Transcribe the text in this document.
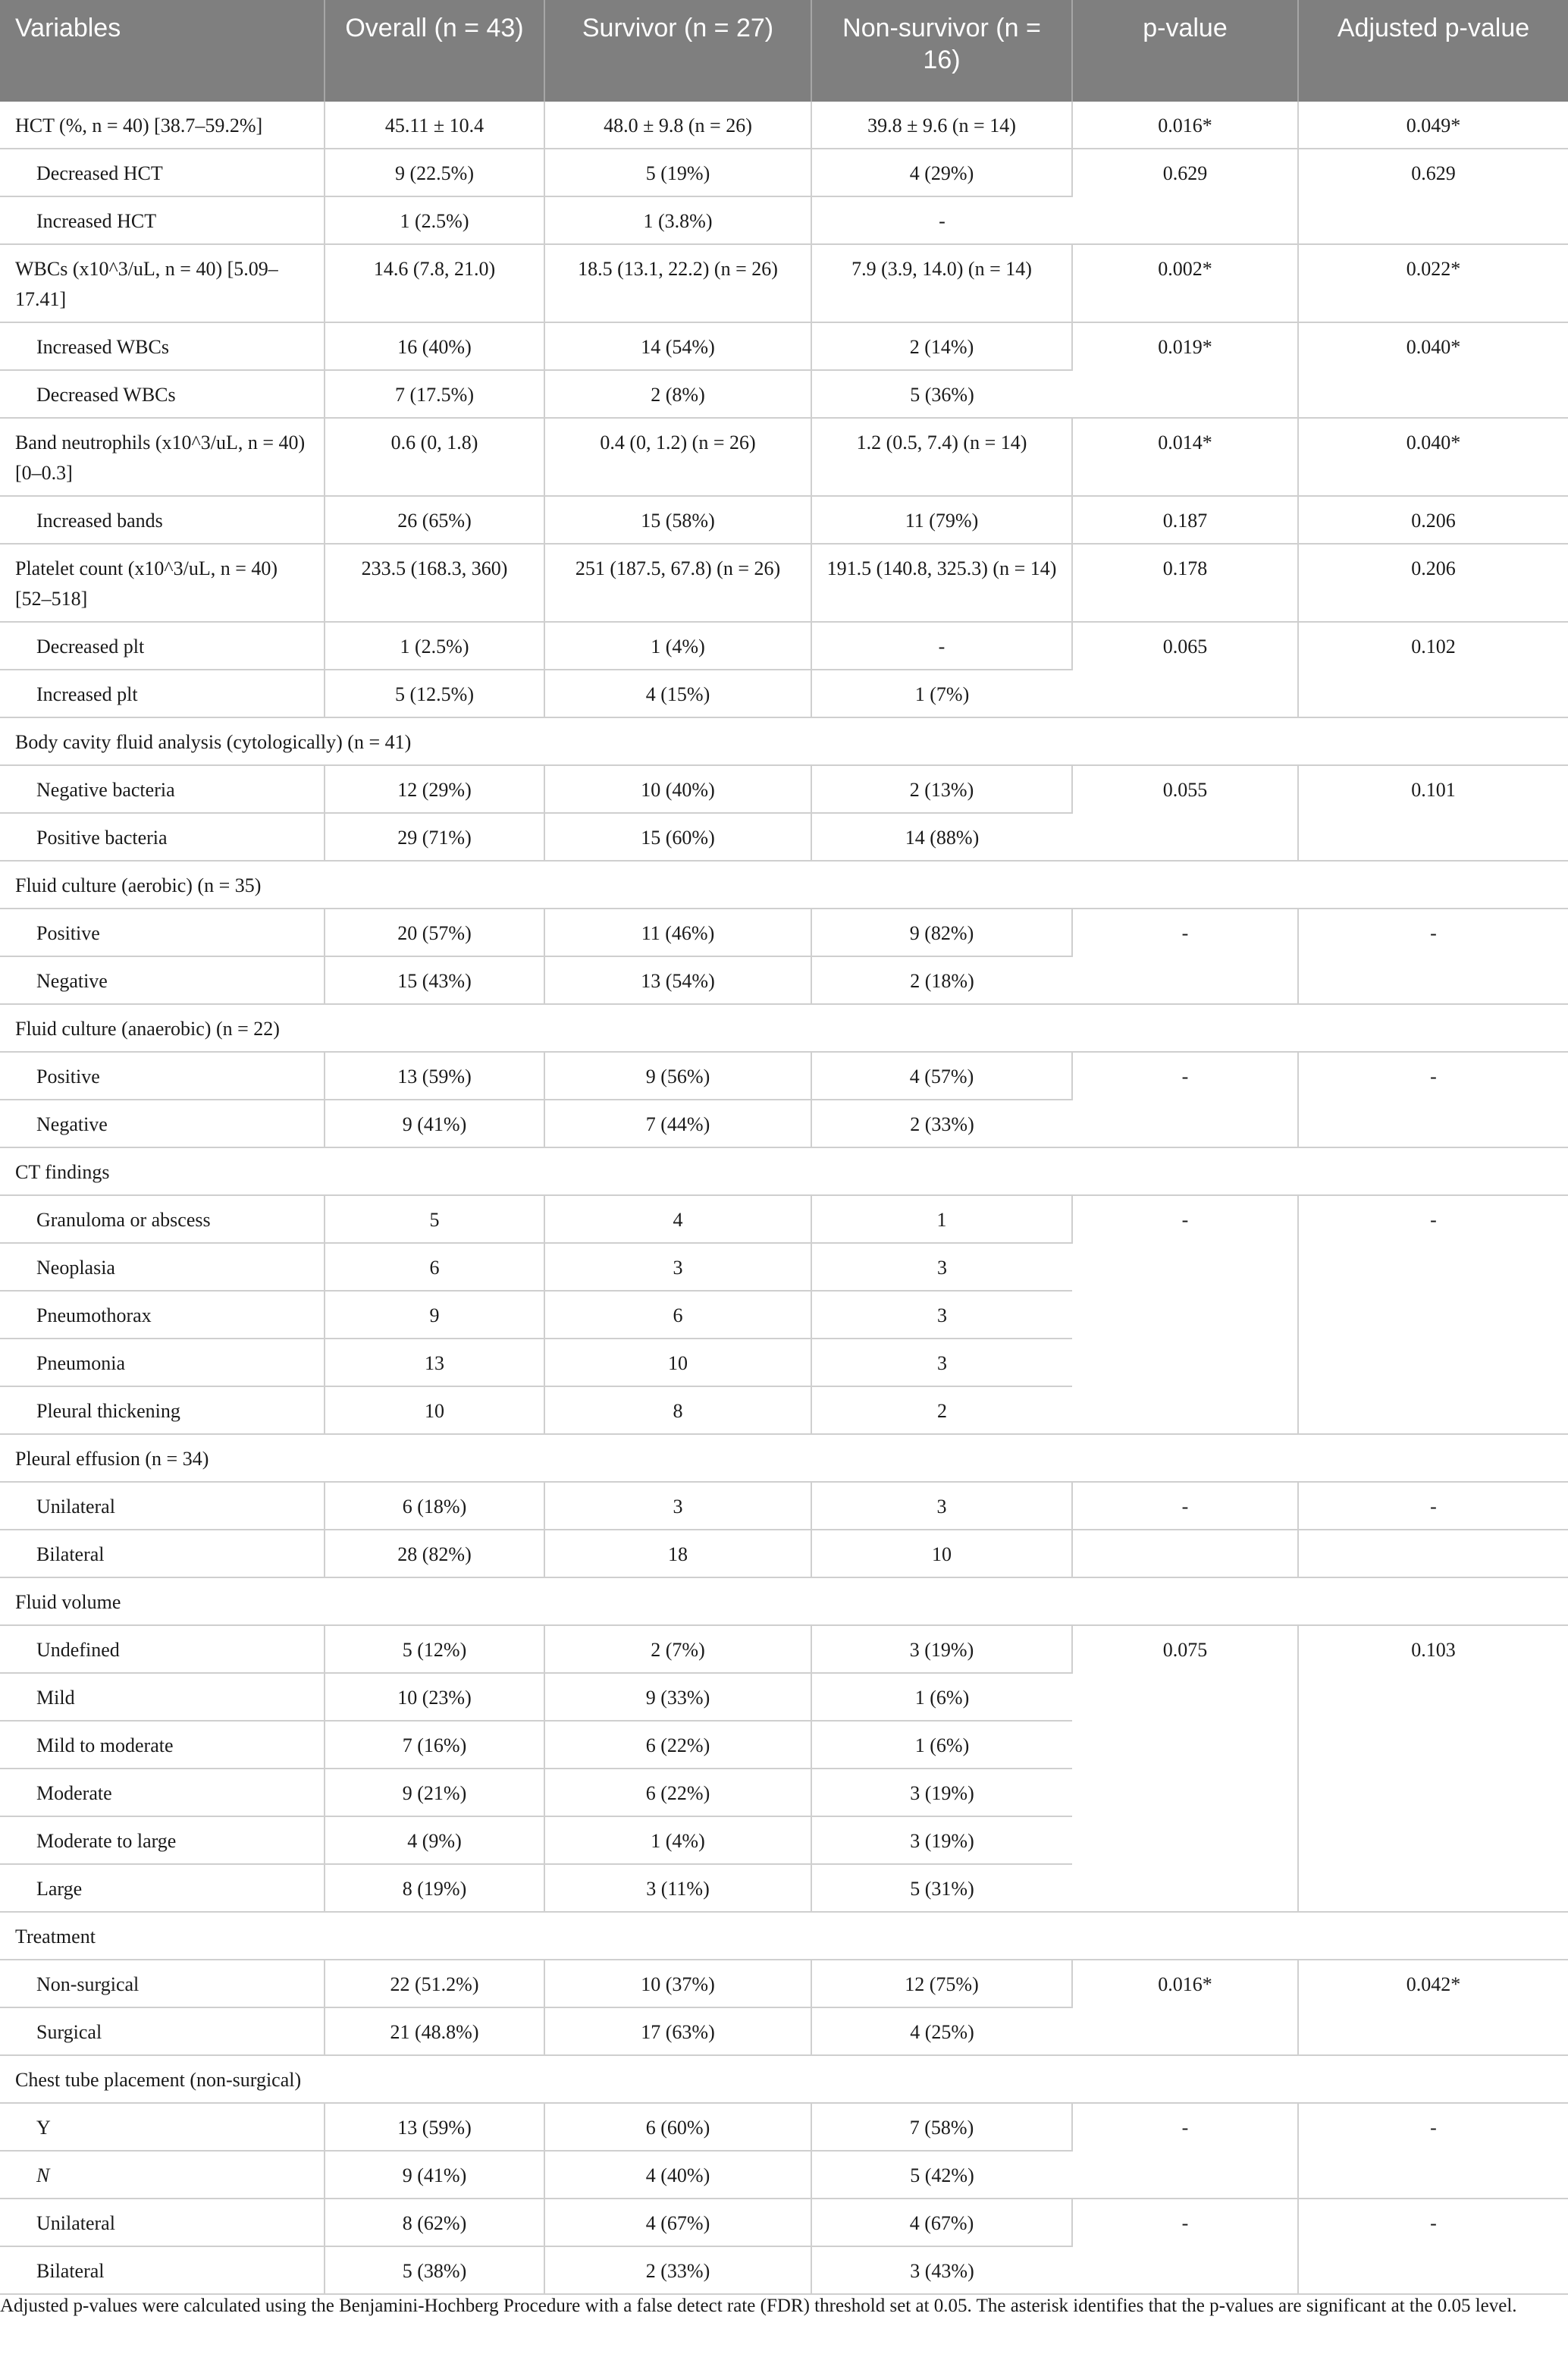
Variables	Overall (n = 43)	Survivor (n = 27)	Non-survivor (n = 16)	p-value	Adjusted p-value
HCT (%, n = 40) [38.7–59.2%]	45.11 ± 10.4	48.0 ± 9.8 (n = 26)	39.8 ± 9.6 (n = 14)	0.016*	0.049*
Decreased HCT	9 (22.5%)	5 (19%)	4 (29%)	0.629	0.629
Increased HCT	1 (2.5%)	1 (3.8%)	-		
WBCs (x10^3/uL, n = 40) [5.09–17.41]	14.6 (7.8, 21.0)	18.5 (13.1, 22.2) (n = 26)	7.9 (3.9, 14.0) (n = 14)	0.002*	0.022*
Increased WBCs	16 (40%)	14 (54%)	2 (14%)	0.019*	0.040*
Decreased WBCs	7 (17.5%)	2 (8%)	5 (36%)		
Band neutrophils (x10^3/uL, n = 40) [0–0.3]	0.6 (0, 1.8)	0.4 (0, 1.2) (n = 26)	1.2 (0.5, 7.4) (n = 14)	0.014*	0.040*
Increased bands	26 (65%)	15 (58%)	11 (79%)	0.187	0.206
Platelet count (x10^3/uL, n = 40) [52–518]	233.5 (168.3, 360)	251 (187.5, 67.8) (n = 26)	191.5 (140.8, 325.3) (n = 14)	0.178	0.206
Decreased plt	1 (2.5%)	1 (4%)	-	0.065	0.102
Increased plt	5 (12.5%)	4 (15%)	1 (7%)		
Body cavity fluid analysis (cytologically) (n = 41)					
Negative bacteria	12 (29%)	10 (40%)	2 (13%)	0.055	0.101
Positive bacteria	29 (71%)	15 (60%)	14 (88%)		
Fluid culture (aerobic) (n = 35)					
Positive	20 (57%)	11 (46%)	9 (82%)	-	-
Negative	15 (43%)	13 (54%)	2 (18%)		
Fluid culture (anaerobic) (n = 22)					
Positive	13 (59%)	9 (56%)	4 (57%)	-	-
Negative	9 (41%)	7 (44%)	2 (33%)		
CT findings					
Granuloma or abscess	5	4	1	-	-
Neoplasia	6	3	3		
Pneumothorax	9	6	3		
Pneumonia	13	10	3		
Pleural thickening	10	8	2		
Pleural effusion (n = 34)					
Unilateral	6 (18%)	3	3	-	-
Bilateral	28 (82%)	18	10		
Fluid volume					
Undefined	5 (12%)	2 (7%)	3 (19%)	0.075	0.103
Mild	10 (23%)	9 (33%)	1 (6%)		
Mild to moderate	7 (16%)	6 (22%)	1 (6%)		
Moderate	9 (21%)	6 (22%)	3 (19%)		
Moderate to large	4 (9%)	1 (4%)	3 (19%)		
Large	8 (19%)	3 (11%)	5 (31%)		
Treatment					
Non-surgical	22 (51.2%)	10 (37%)	12 (75%)	0.016*	0.042*
Surgical	21 (48.8%)	17 (63%)	4 (25%)		
Chest tube placement (non-surgical)					
Y	13 (59%)	6 (60%)	7 (58%)	-	-
N	9 (41%)	4 (40%)	5 (42%)		
Unilateral	8 (62%)	4 (67%)	4 (67%)	-	-
Bilateral	5 (38%)	2 (33%)	3 (43%)		
Adjusted p-values were calculated using the Benjamini-Hochberg Procedure with a false detect rate (FDR) threshold set at 0.05. The asterisk identifies that the p-values are significant at the 0.05 level.
